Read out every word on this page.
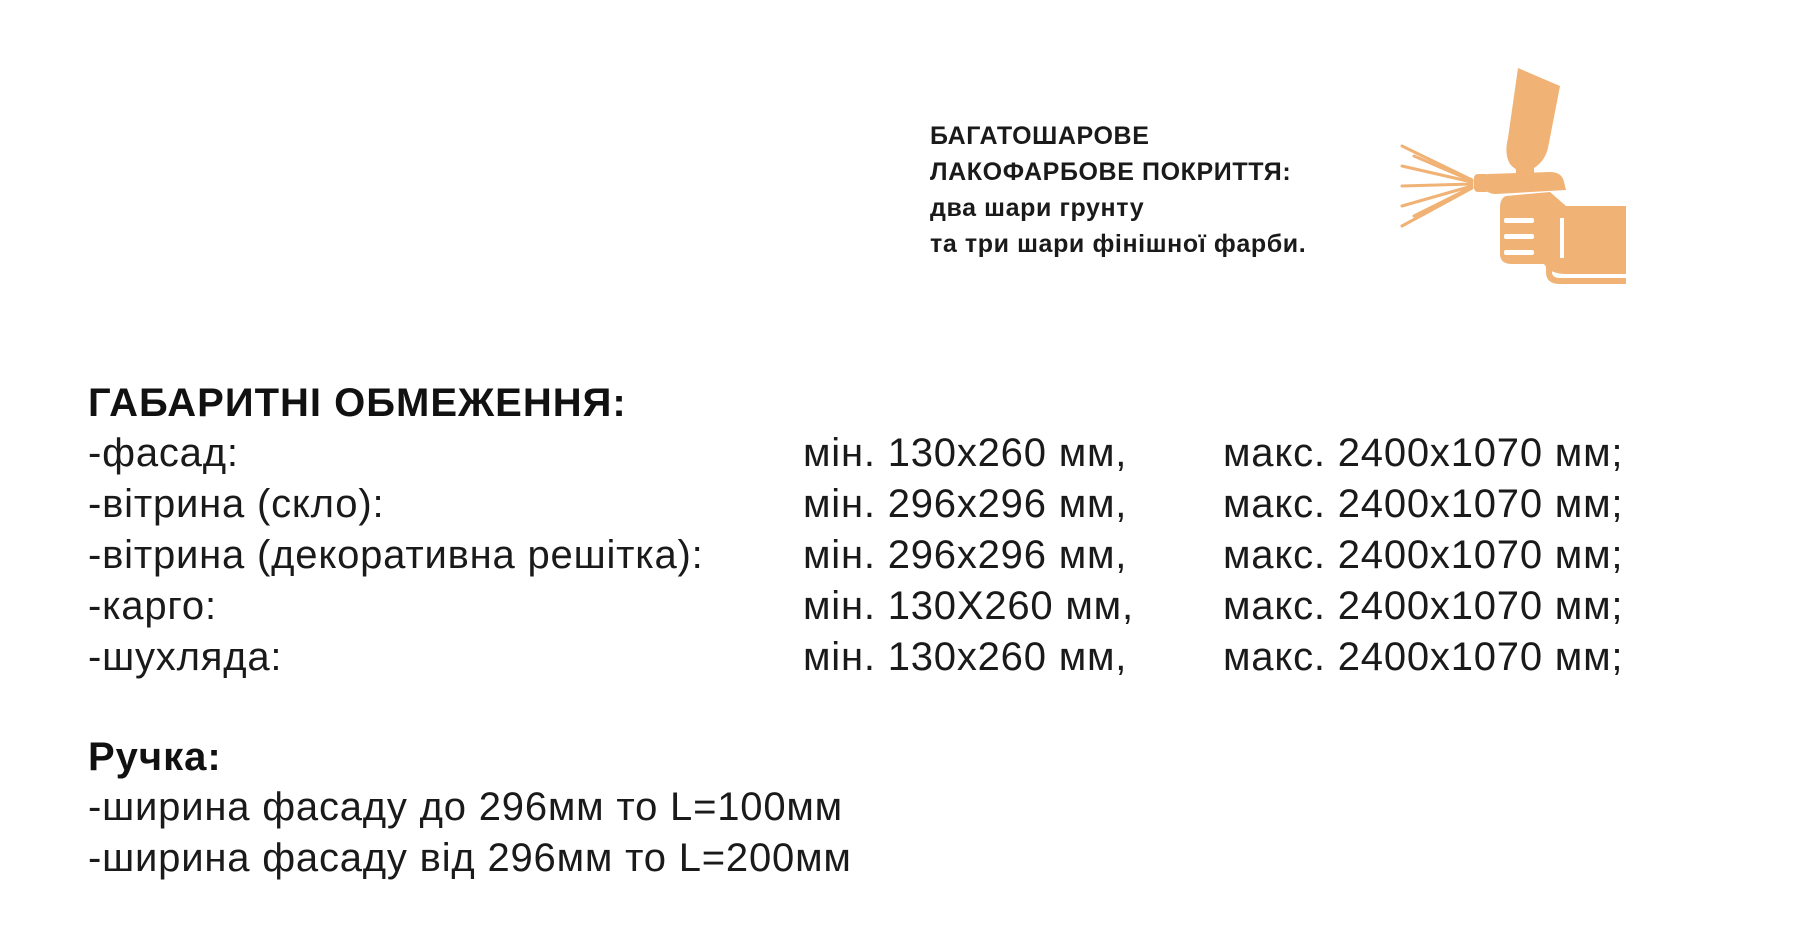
БАГАТОШАРОВЕ
ЛАКОФАРБОВЕ ПОКРИТТЯ:
два шари грунту
та три шари фінішної фарби.
ГАБАРИТНІ ОБМЕЖЕННЯ:
-фасад:	мін. 130х260 мм, макс. 2400х1070 мм;
-вітрина (скло):	мін. 296х296 мм, макс. 2400х1070 мм;
-вітрина (декоративна решітка): мін. 296х296 мм, макс. 2400х1070 мм;
-карго:	мін. 130Х260 мм, макс. 2400х1070 мм;
-шухляда:	мін. 130х260 мм, макс. 2400х1070 мм;
Ручка:
-ширина фасаду до 296мм то L=100мм
-ширина фасаду від 296мм то L=200мм
